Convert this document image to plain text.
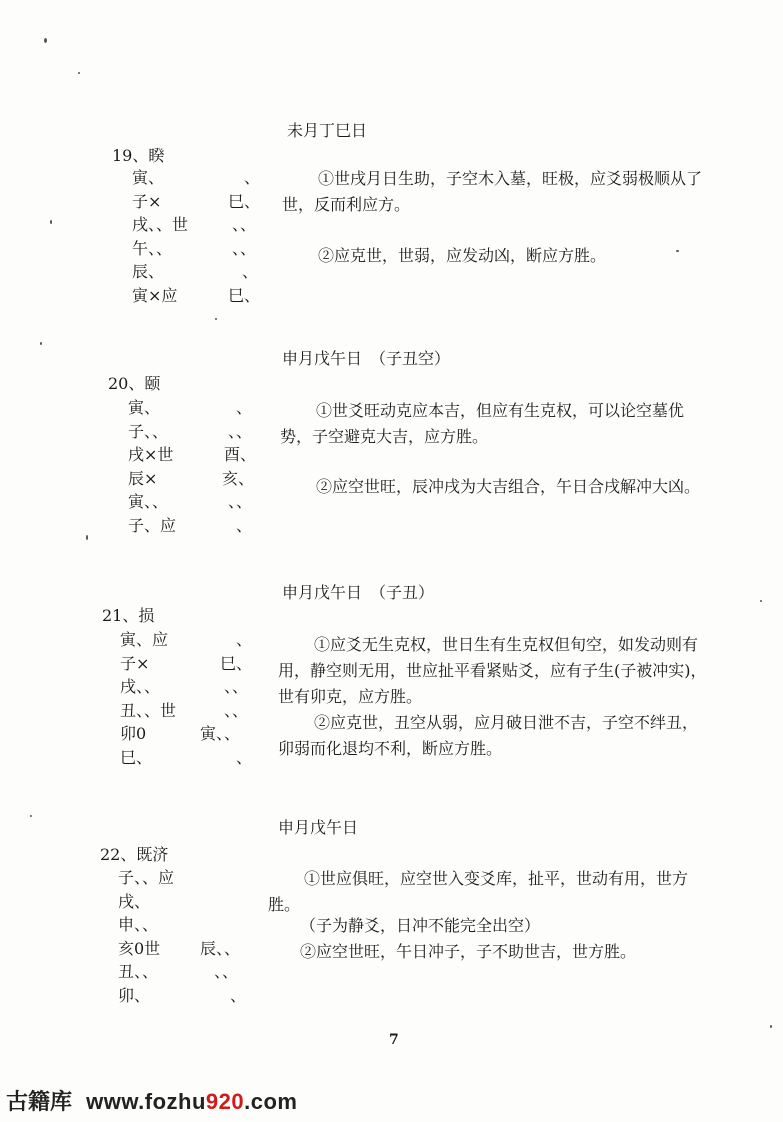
未月丁巳日
19、睽
寅、	、
子×	巳、
戌、、世	、、
午、、	、、
辰、	、
寅×应	巳、
①世戌月日生助，子空木入墓，旺极，应爻弱极顺从了世，反而利应方。
②应克世，世弱，应发动凶，断应方胜。
申月戊午日　（子丑空）
20、颐
寅、	、
子、、	、、
戌×世	酉、
辰×	亥、
寅、、	、、
子、应	、
①世爻旺动克应本吉，但应有生克权，可以论空墓优势，子空避克大吉，应方胜。
②应空世旺，辰冲戌为大吉组合，午日合戌解冲大凶。
申月戊午日　（子丑）
21、损
寅、应	、
子×	巳、
戌、、	、、
丑、、世	、、
卯0	寅、、
巳、	、
①应爻无生克权，世日生有生克权但旬空，如发动则有用，静空则无用，世应扯平看紧贴爻，应有子生(子被冲实)，世有卯克，应方胜。
②应克世，丑空从弱，应月破日泄不吉，子空不绊丑，卯弱而化退均不利，断应方胜。
申月戊午日
22、既济
子、、应
戌、
申、、
亥0世 辰、、
丑、、	、、
卯、	、
①世应俱旺，应空世入变爻库，扯平，世动有用，世方胜。
（子为静爻，日冲不能完全出空）
②应空世旺，午日冲子，子不助世吉，世方胜。
7
古籍库 www.fozhu920.com
